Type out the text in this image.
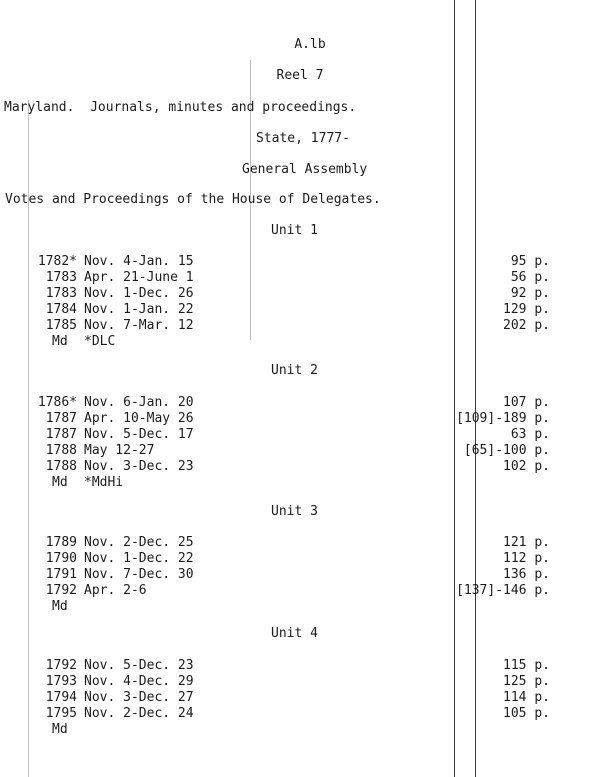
A.lb
Reel 7
Maryland.  Journals, minutes and proceedings.
State, 1777-
General Assembly
Votes and Proceedings of the House of Delegates.
Unit 1
1782* Nov. 4-Jan. 15	95 p.
1783 Apr. 21-June 1	56 p.
1783 Nov. 1-Dec. 26	92 p.
1784 Nov. 1-Jan. 22	129 p.
1785 Nov. 7-Mar. 12	202 p.
Md *DLC
Unit 2
1786* Nov. 6-Jan. 20	107 p.
1787 Apr. 10-May 26	[109]-189 p.
1787 Nov. 5-Dec. 17	63 p.
1788 May 12-27	[65]-100 p.
1788 Nov. 3-Dec. 23	102 p.
Md *MdHi
Unit 3
1789 Nov. 2-Dec. 25	121 p.
1790 Nov. 1-Dec. 22	112 p.
1791 Nov. 7-Dec. 30	136 p.
1792 Apr. 2-6	[137]-146 p.
Md
Unit 4
1792 Nov. 5-Dec. 23	115 p.
1793 Nov. 4-Dec. 29	125 p.
1794 Nov. 3-Dec. 27	114 p.
1795 Nov. 2-Dec. 24	105 p.
Md
